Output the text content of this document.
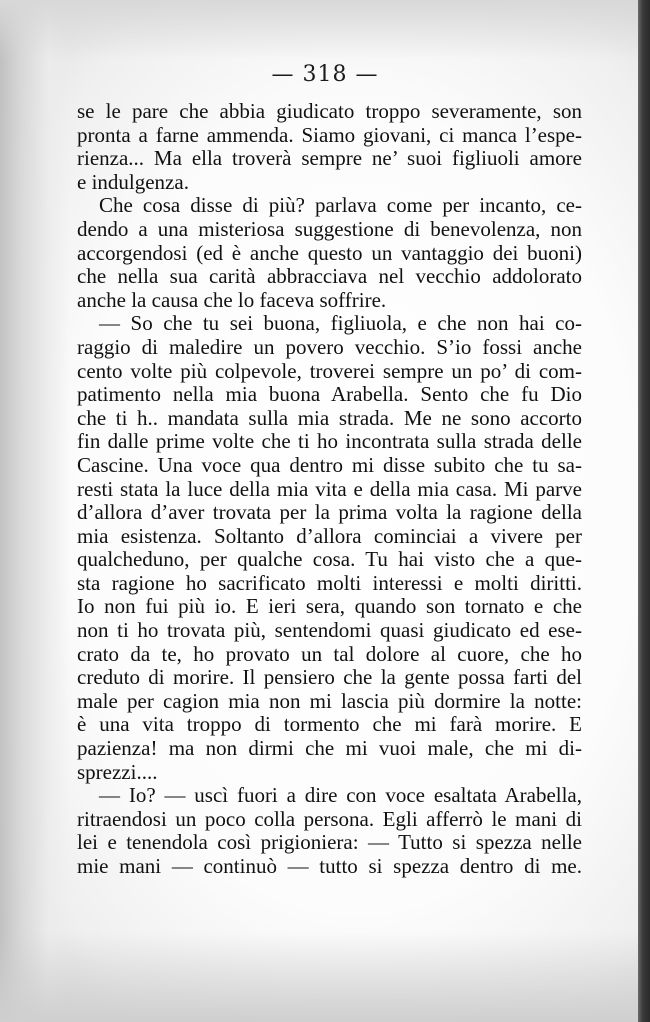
— 318 —
se le pare che abbia giudicato troppo severamente, son
pronta a farne ammenda. Siamo giovani, ci manca l’espe-
rienza... Ma ella troverà sempre ne’ suoi figliuoli amore
e indulgenza.
Che cosa disse di più? parlava come per incanto, ce-
dendo a una misteriosa suggestione di benevolenza, non
accorgendosi (ed è anche questo un vantaggio dei buoni)
che nella sua carità abbracciava nel vecchio addolorato
anche la causa che lo faceva soffrire.
— So che tu sei buona, figliuola, e che non hai co-
raggio di maledire un povero vecchio. S’io fossi anche
cento volte più colpevole, troverei sempre un po’ di com-
patimento nella mia buona Arabella. Sento che fu Dio
che ti h.. mandata sulla mia strada. Me ne sono accorto
fin dalle prime volte che ti ho incontrata sulla strada delle
Cascine. Una voce qua dentro mi disse subito che tu sa-
resti stata la luce della mia vita e della mia casa. Mi parve
d’allora d’aver trovata per la prima volta la ragione della
mia esistenza. Soltanto d’allora cominciai a vivere per
qualcheduno, per qualche cosa. Tu hai visto che a que-
sta ragione ho sacrificato molti interessi e molti diritti.
Io non fui più io. E ieri sera, quando son tornato e che
non ti ho trovata più, sentendomi quasi giudicato ed ese-
crato da te, ho provato un tal dolore al cuore, che ho
creduto di morire. Il pensiero che la gente possa farti del
male per cagion mia non mi lascia più dormire la notte:
è una vita troppo di tormento che mi farà morire. E
pazienza! ma non dirmi che mi vuoi male, che mi di-
sprezzi....
— Io? — uscì fuori a dire con voce esaltata Arabella,
ritraendosi un poco colla persona. Egli afferrò le mani di
lei e tenendola così prigioniera: — Tutto si spezza nelle
mie mani — continuò — tutto si spezza dentro di me.
